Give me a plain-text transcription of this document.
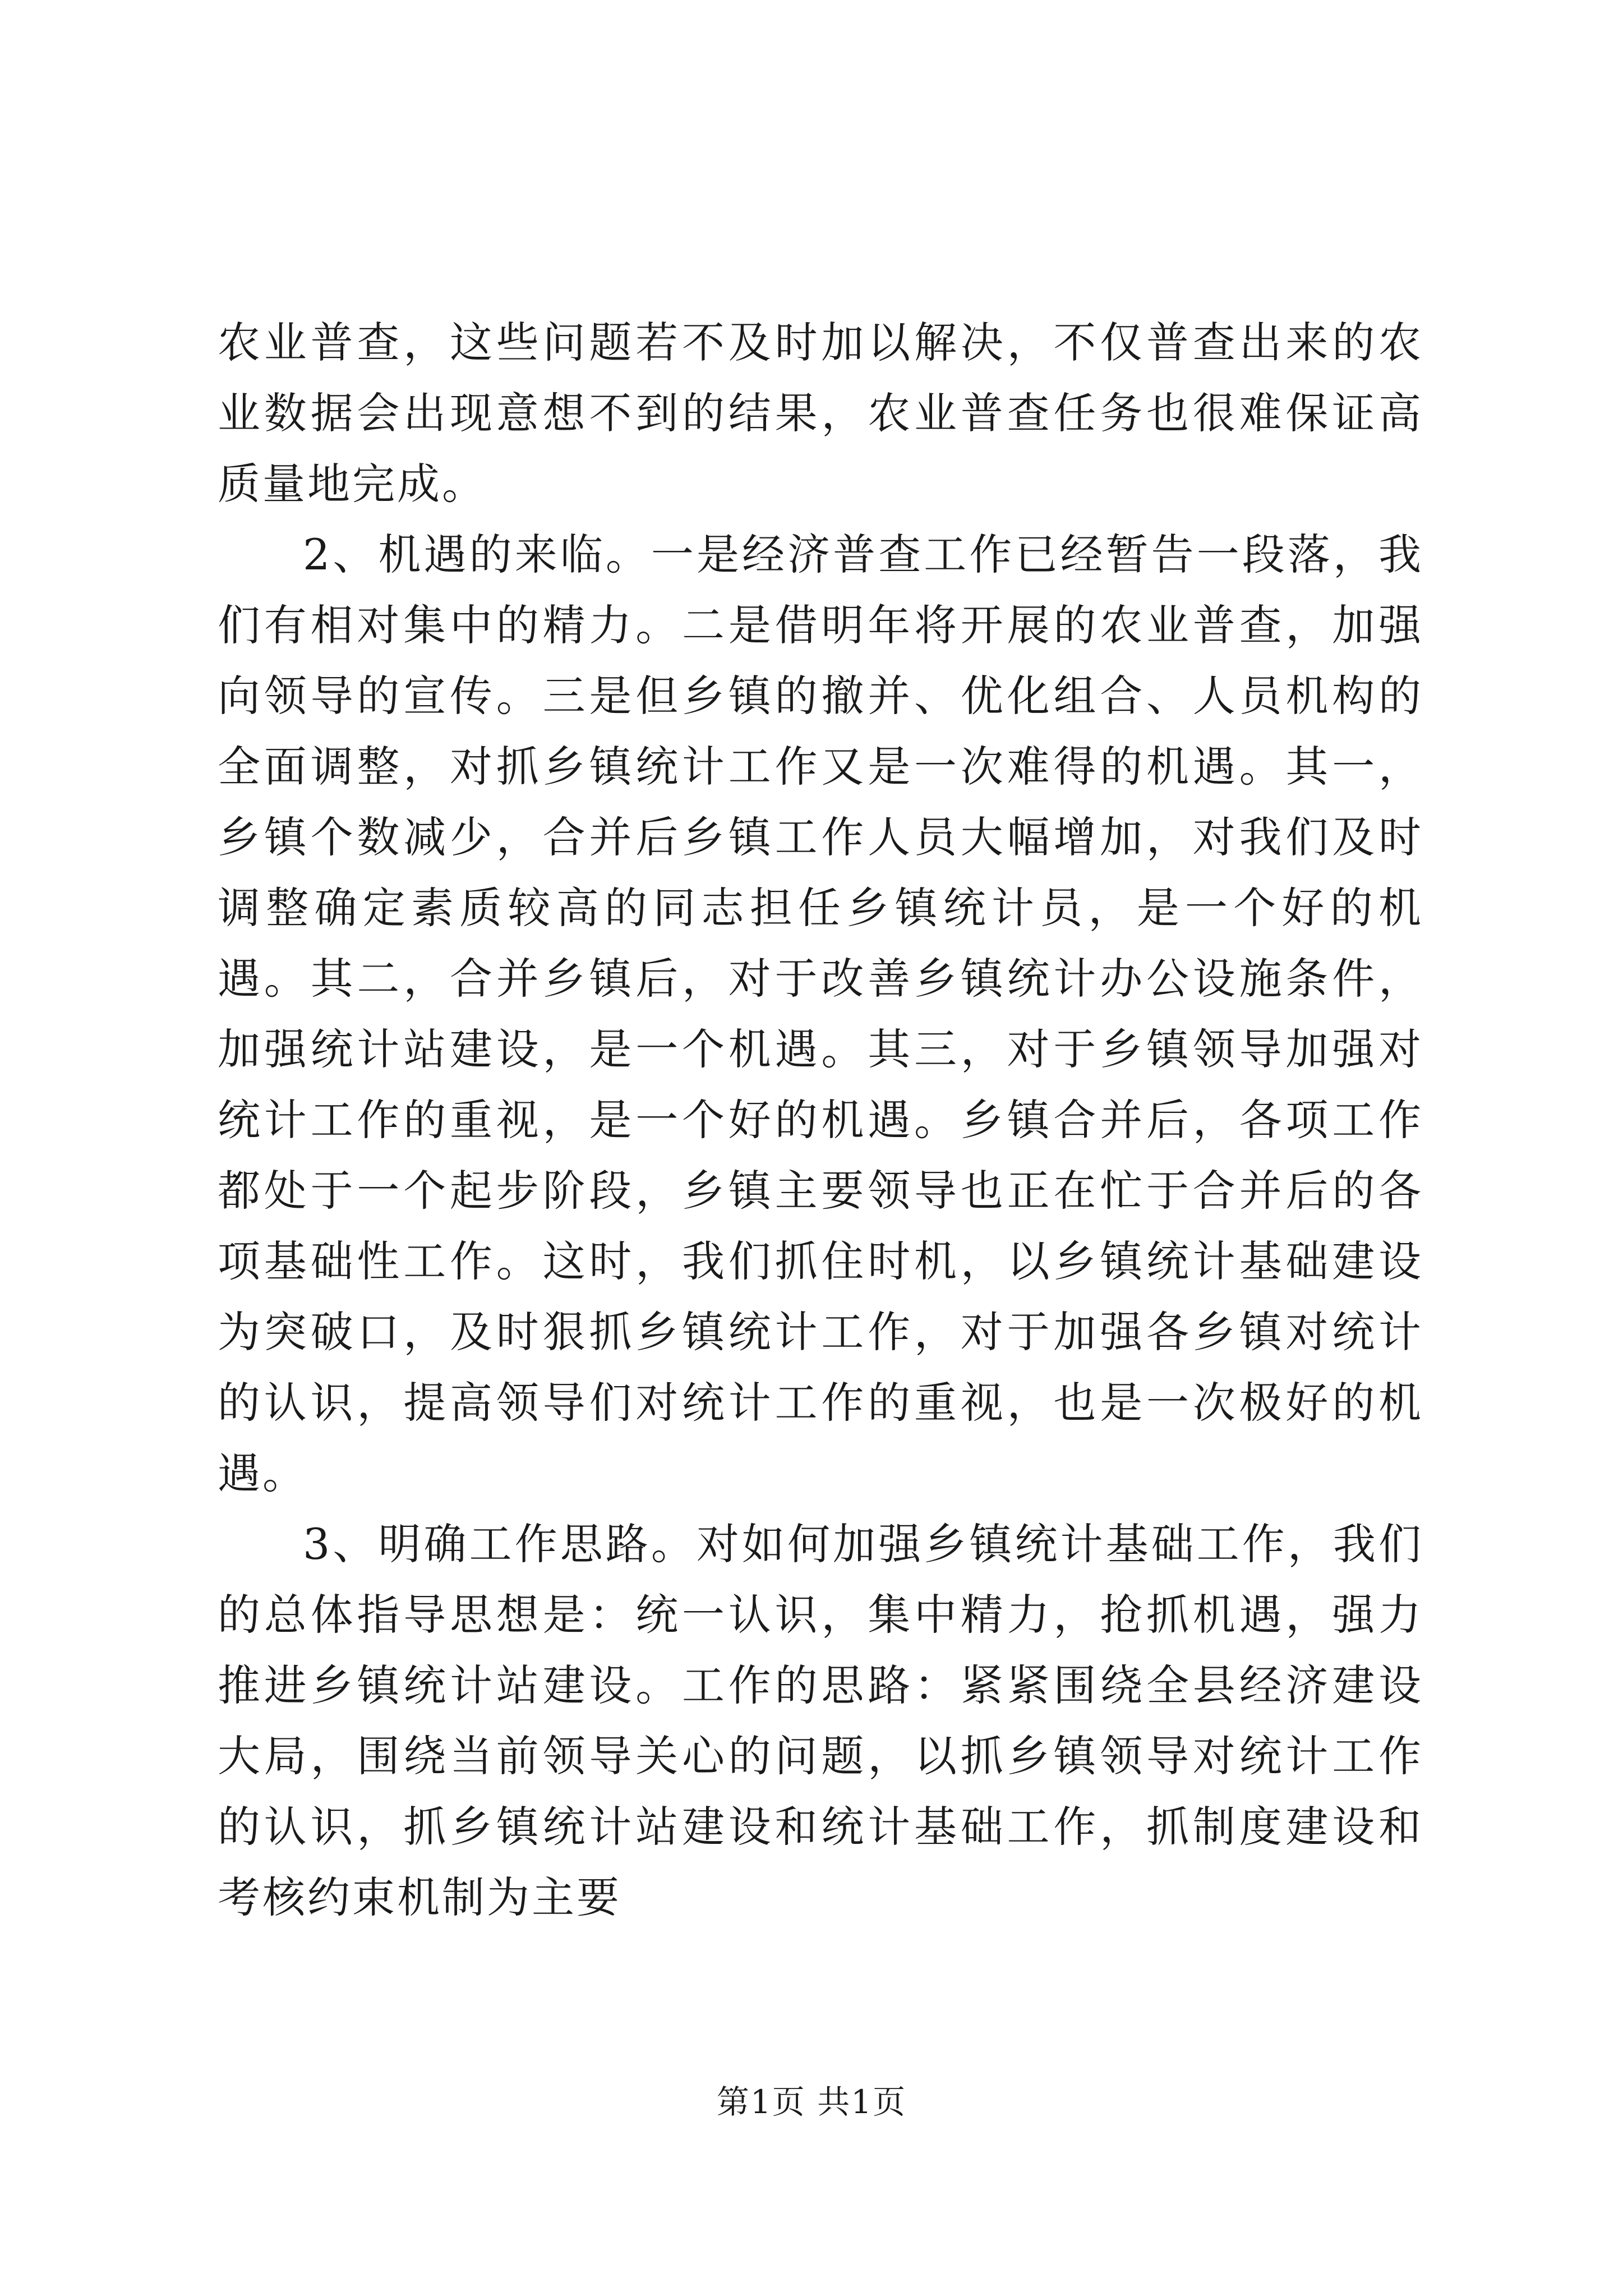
农业普查，这些问题若不及时加以解决，不仅普查出来的农业数据会出现意想不到的结果，农业普查任务也很难保证高质量地完成。

2、机遇的来临。一是经济普查工作已经暂告一段落，我们有相对集中的精力。二是借明年将开展的农业普查，加强向领导的宣传。三是但乡镇的撤并、优化组合、人员机构的全面调整，对抓乡镇统计工作又是一次难得的机遇。其一，乡镇个数减少，合并后乡镇工作人员大幅增加，对我们及时调整确定素质较高的同志担任乡镇统计员，是一个好的机遇。其二，合并乡镇后，对于改善乡镇统计办公设施条件，加强统计站建设，是一个机遇。其三，对于乡镇领导加强对统计工作的重视，是一个好的机遇。乡镇合并后，各项工作都处于一个起步阶段，乡镇主要领导也正在忙于合并后的各项基础性工作。这时，我们抓住时机，以乡镇统计基础建设为突破口，及时狠抓乡镇统计工作，对于加强各乡镇对统计的认识，提高领导们对统计工作的重视，也是一次极好的机遇。

3、明确工作思路。对如何加强乡镇统计基础工作，我们的总体指导思想是：统一认识，集中精力，抢抓机遇，强力推进乡镇统计站建设。工作的思路：紧紧围绕全县经济建设大局，围绕当前领导关心的问题，以抓乡镇领导对统计工作的认识，抓乡镇统计站建设和统计基础工作，抓制度建设和考核约束机制为主要

第1页 共1页
